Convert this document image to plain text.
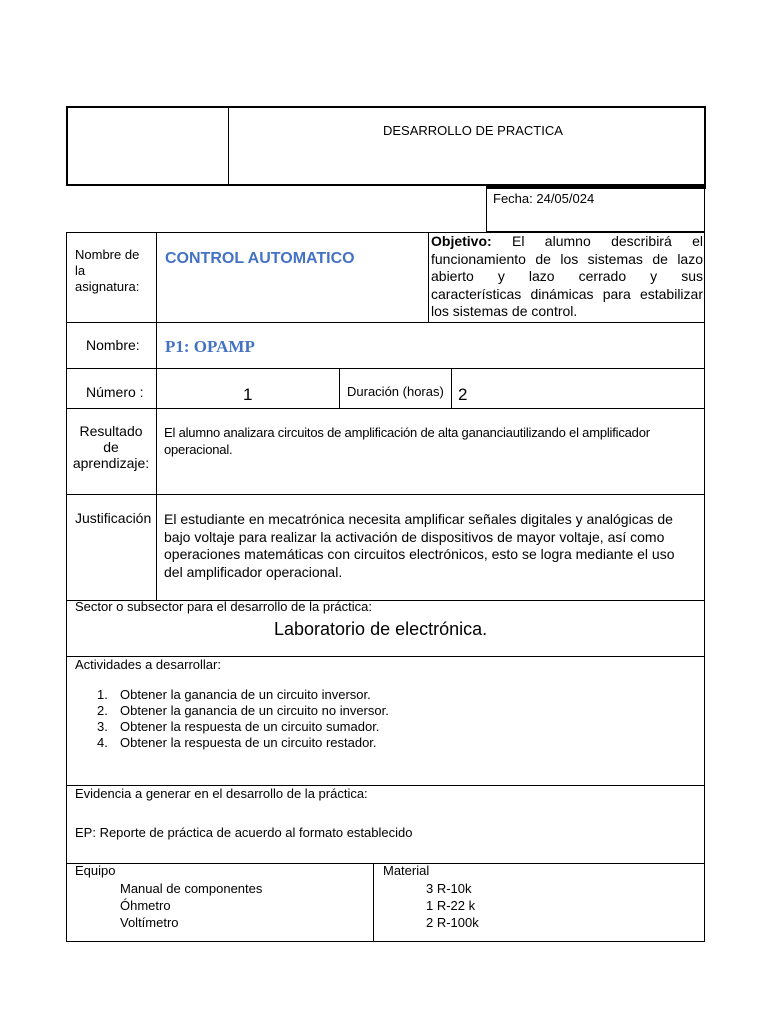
DESARROLLO DE PRACTICA
Fecha: 24/05/024
Nombre de
la
asignatura:
CONTROL AUTOMATICO
Objetivo: El alumno describirá el
funcionamiento de los sistemas de lazo
abierto y lazo cerrado y sus
características dinámicas para estabilizar
los sistemas de control.
Nombre: P1: OPAMP
Número :	1	Duración (horas) 2
Resultado
de
aprendizaje:
El alumno analizara circuitos de amplificación de alta gananciautilizando el amplificador
operacional.
Justificación El estudiante en mecatrónica necesita amplificar señales digitales y analógicas de
bajo voltaje para realizar la activación de dispositivos de mayor voltaje, así como
operaciones matemáticas con circuitos electrónicos, esto se logra mediante el uso
del amplificador operacional.
Sector o subsector para el desarrollo de la práctica:
Laboratorio de electrónica.
Actividades a desarrollar:
1. Obtener la ganancia de un circuito inversor.
2. Obtener la ganancia de un circuito no inversor.
3. Obtener la respuesta de un circuito sumador.
4. Obtener la respuesta de un circuito restador.
Evidencia a generar en el desarrollo de la práctica:
EP: Reporte de práctica de acuerdo al formato establecido
Equipo
Manual de componentes
Óhmetro
Voltímetro
Material
3 R-10k
1 R-22 k
2 R-100k
